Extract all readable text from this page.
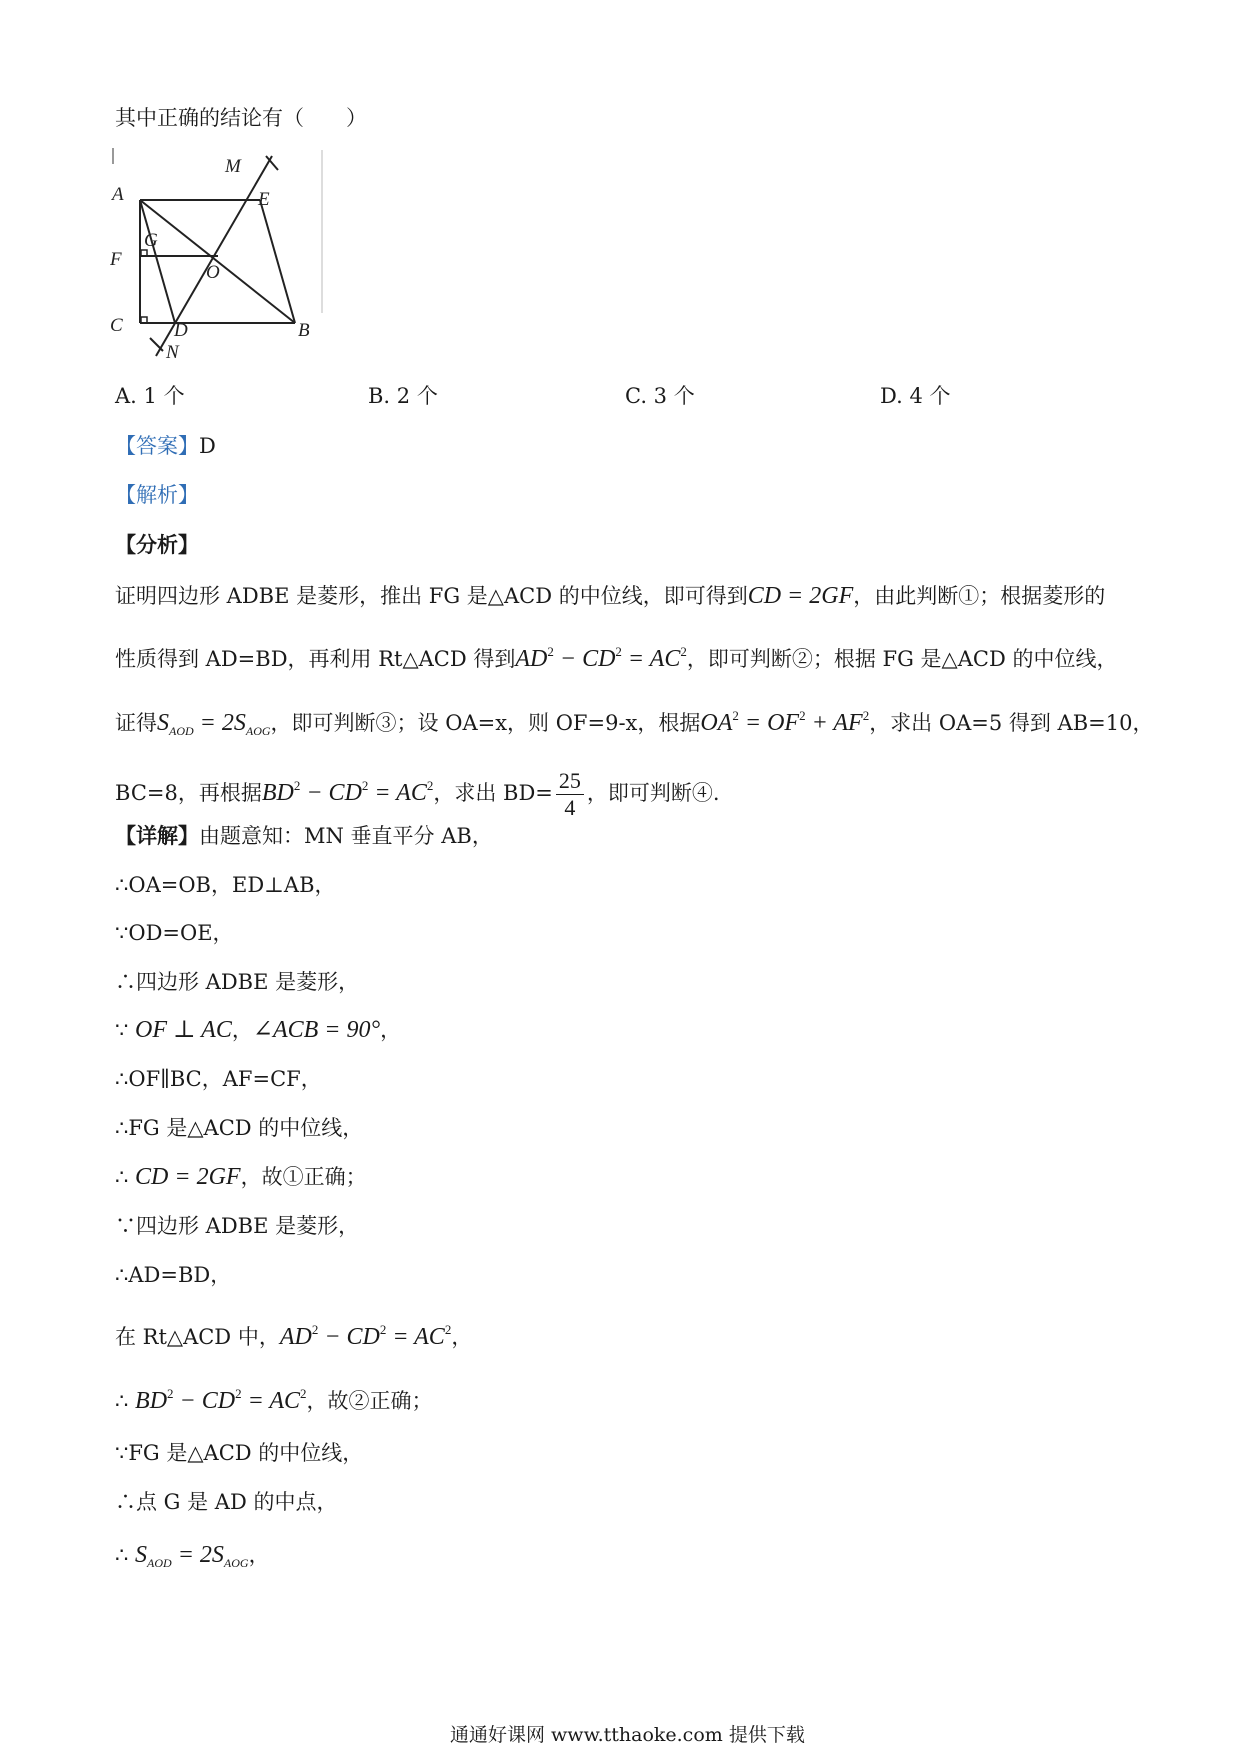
其中正确的结论有（　　）
A
M
E
G
F
O
C	D	B
N
A. 1 个	B. 2 个	C. 3 个	D. 4 个
【答案】D
【解析】
【分析】
证明四边形 ADBE 是菱形，推出 FG 是△ACD 的中位线，即可得到CD = 2GF，由此判断①；根据菱形的
性质得到 AD=BD，再利用 Rt△ACD 得到$AD^2 - CD^2 = AC^2$，即可判断②；根据 FG 是△ACD 的中位线，
证得$S_{AOD} = 2S_{AOG}$，即可判断③；设 OA=x，则 OF=9-x，根据$OA^2 = OF^2 + AF^2$，求出 OA=5 得到 AB=10，
BC=8，再根据$BD^2 - CD^2 = AC^2$，求出 $BD= \frac{25}{4}$ ，即可判断④.
【详解】由题意知：MN 垂直平分 AB，
∴OA=OB，ED⊥AB，
∵OD=OE，
∴四边形 ADBE 是菱形，
∵ OF ⊥ AC，∠ACB = 90°，
∴OF∥BC，AF=CF，
∴FG 是△ACD 的中位线，
∴ CD = 2GF，故①正确；
∵四边形 ADBE 是菱形，
∴AD=BD，
在 Rt△ACD 中，$AD^2 - CD^2 = AC^2$，
∴ $BD^2 - CD^2 = AC^2$，故②正确；
∵FG 是△ACD 的中位线，
∴点 G 是 AD 的中点，
∴ $S_{AOD} = 2S_{AOG}$，
通通好课网 www.tthaoke.com 提供下载
